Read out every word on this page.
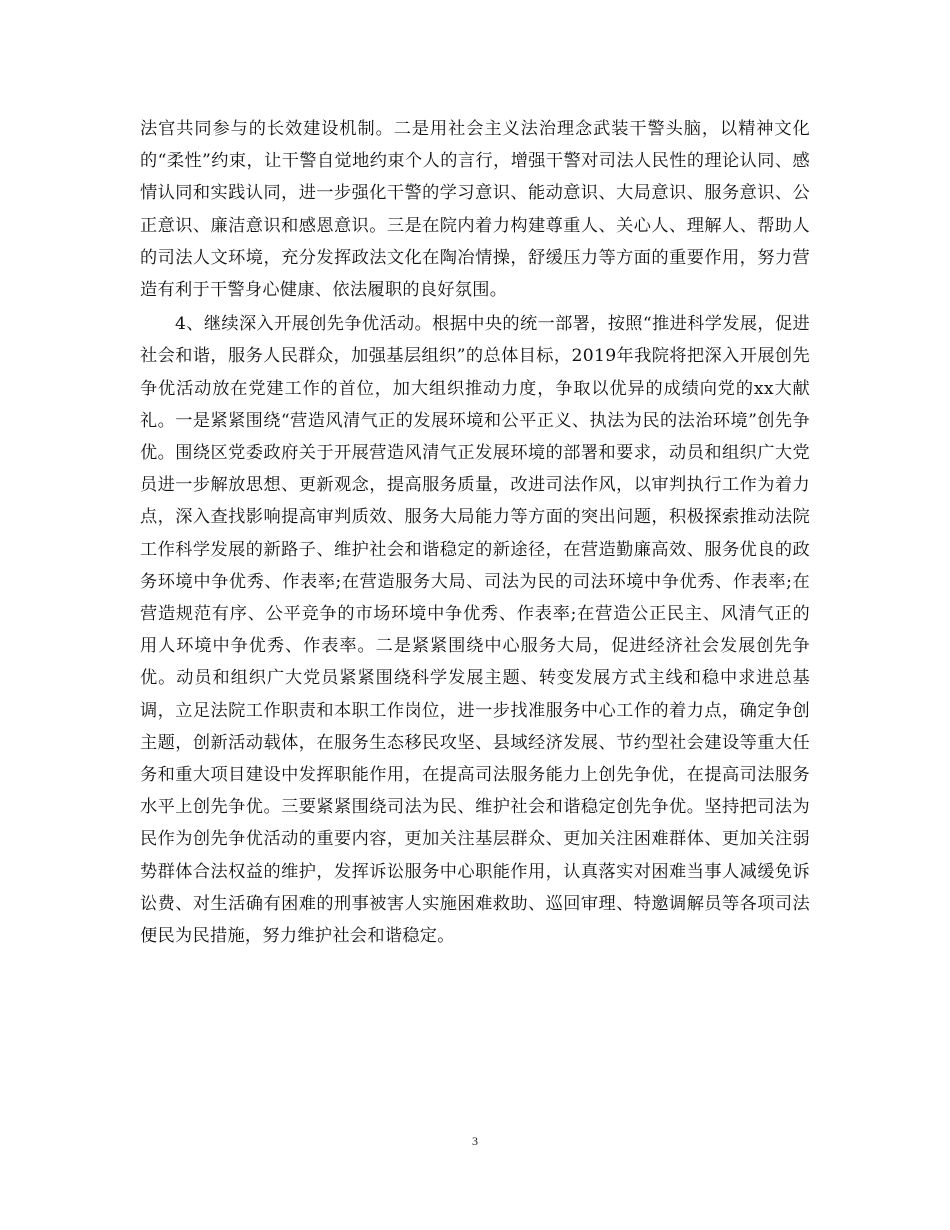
法官共同参与的长效建设机制。二是用社会主义法治理念武装干警头脑，以精神文化的“柔性”约束，让干警自觉地约束个人的言行，增强干警对司法人民性的理论认同、感情认同和实践认同，进一步强化干警的学习意识、能动意识、大局意识、服务意识、公正意识、廉洁意识和感恩意识。三是在院内着力构建尊重人、关心人、理解人、帮助人的司法人文环境，充分发挥政法文化在陶冶情操，舒缓压力等方面的重要作用，努力营造有利于干警身心健康、依法履职的良好氛围。

4、继续深入开展创先争优活动。根据中央的统一部署，按照“推进科学发展，促进社会和谐，服务人民群众，加强基层组织”的总体目标，2019年我院将把深入开展创先争优活动放在党建工作的首位，加大组织推动力度，争取以优异的成绩向党的xx大献礼。一是紧紧围绕“营造风清气正的发展环境和公平正义、执法为民的法治环境”创先争优。围绕区党委政府关于开展营造风清气正发展环境的部署和要求，动员和组织广大党员进一步解放思想、更新观念，提高服务质量，改进司法作风，以审判执行工作为着力点，深入查找影响提高审判质效、服务大局能力等方面的突出问题，积极探索推动法院工作科学发展的新路子、维护社会和谐稳定的新途径，在营造勤廉高效、服务优良的政务环境中争优秀、作表率;在营造服务大局、司法为民的司法环境中争优秀、作表率;在营造规范有序、公平竞争的市场环境中争优秀、作表率;在营造公正民主、风清气正的用人环境中争优秀、作表率。二是紧紧围绕中心服务大局，促进经济社会发展创先争优。动员和组织广大党员紧紧围绕科学发展主题、转变发展方式主线和稳中求进总基调，立足法院工作职责和本职工作岗位，进一步找准服务中心工作的着力点，确定争创主题，创新活动载体，在服务生态移民攻坚、县域经济发展、节约型社会建设等重大任务和重大项目建设中发挥职能作用，在提高司法服务能力上创先争优，在提高司法服务水平上创先争优。三要紧紧围绕司法为民、维护社会和谐稳定创先争优。坚持把司法为民作为创先争优活动的重要内容，更加关注基层群众、更加关注困难群体、更加关注弱势群体合法权益的维护，发挥诉讼服务中心职能作用，认真落实对困难当事人减缓免诉讼费、对生活确有困难的刑事被害人实施困难救助、巡回审理、特邀调解员等各项司法便民为民措施，努力维护社会和谐稳定。

3
